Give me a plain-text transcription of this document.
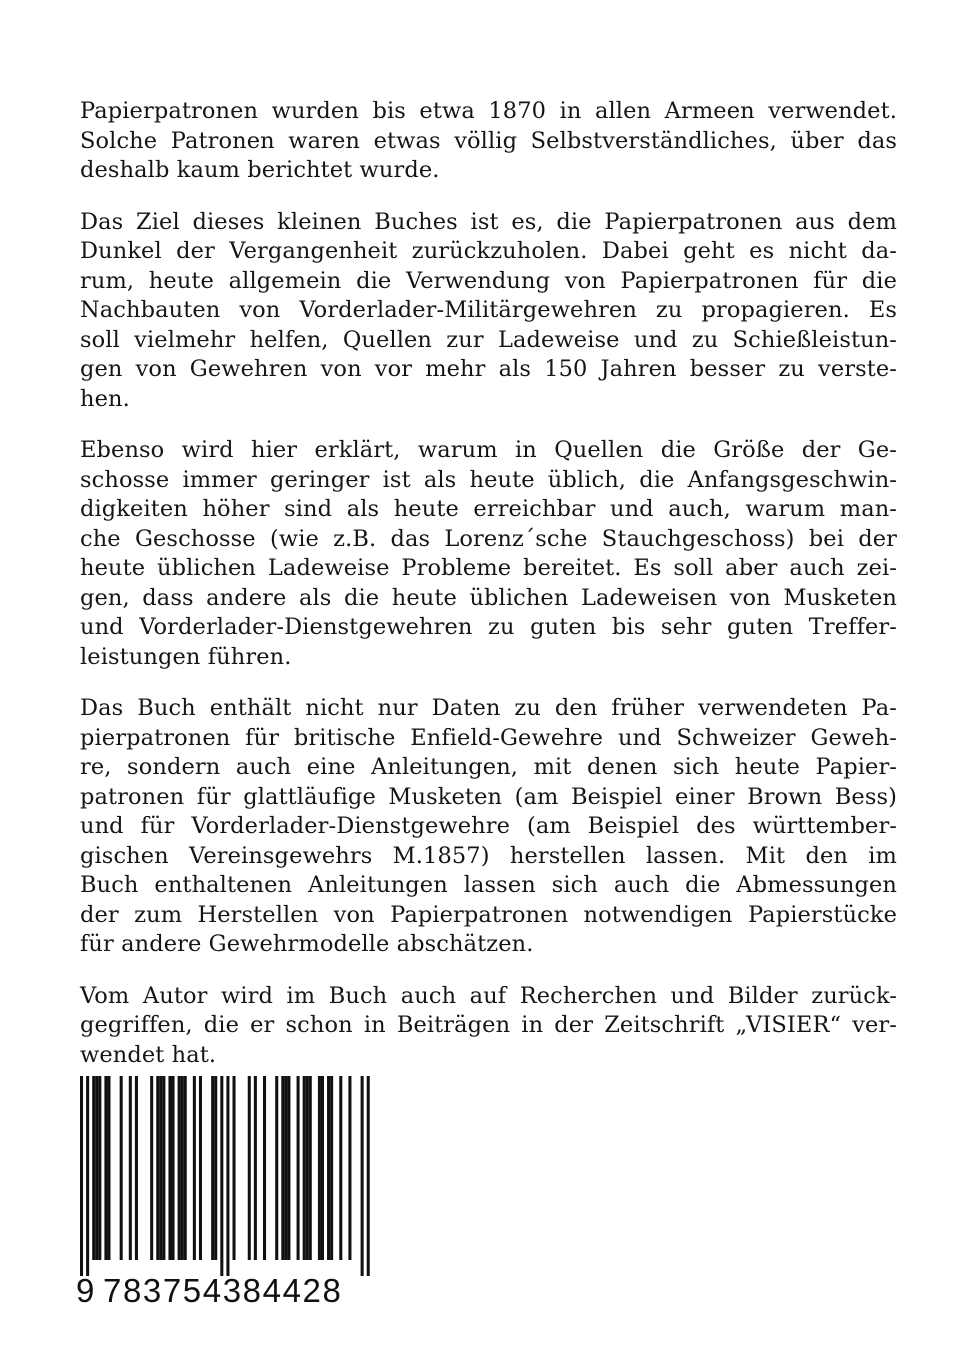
Papierpatronen wurden bis etwa 1870 in allen Armeen verwendet.
Solche Patronen waren etwas völlig Selbstverständliches, über das
deshalb kaum berichtet wurde.

Das Ziel dieses kleinen Buches ist es, die Papierpatronen aus dem
Dunkel der Vergangenheit zurückzuholen. Dabei geht es nicht da-
rum, heute allgemein die Verwendung von Papierpatronen für die
Nachbauten von Vorderlader-Militärgewehren zu propagieren. Es
soll vielmehr helfen, Quellen zur Ladeweise und zu Schießleistun-
gen von Gewehren von vor mehr als 150 Jahren besser zu verste-
hen.

Ebenso wird hier erklärt, warum in Quellen die Größe der Ge-
schosse immer geringer ist als heute üblich, die Anfangsgeschwin-
digkeiten höher sind als heute erreichbar und auch, warum man-
che Geschosse (wie z.B. das Lorenz´sche Stauchgeschoss) bei der
heute üblichen Ladeweise Probleme bereitet. Es soll aber auch zei-
gen, dass andere als die heute üblichen Ladeweisen von Musketen
und Vorderlader-Dienstgewehren zu guten bis sehr guten Treffer-
leistungen führen.

Das Buch enthält nicht nur Daten zu den früher verwendeten Pa-
pierpatronen für britische Enfield-Gewehre und Schweizer Geweh-
re, sondern auch eine Anleitungen, mit denen sich heute Papier-
patronen für glattläufige Musketen (am Beispiel einer Brown Bess)
und für Vorderlader-Dienstgewehre (am Beispiel des württember-
gischen Vereinsgewehrs M.1857) herstellen lassen. Mit den im
Buch enthaltenen Anleitungen lassen sich auch die Abmessungen
der zum Herstellen von Papierpatronen notwendigen Papierstücke
für andere Gewehrmodelle abschätzen.

Vom Autor wird im Buch auch auf Recherchen und Bilder zurück-
gegriffen, die er schon in Beiträgen in der Zeitschrift „VISIER“ ver-
wendet hat.

9 783754384428
